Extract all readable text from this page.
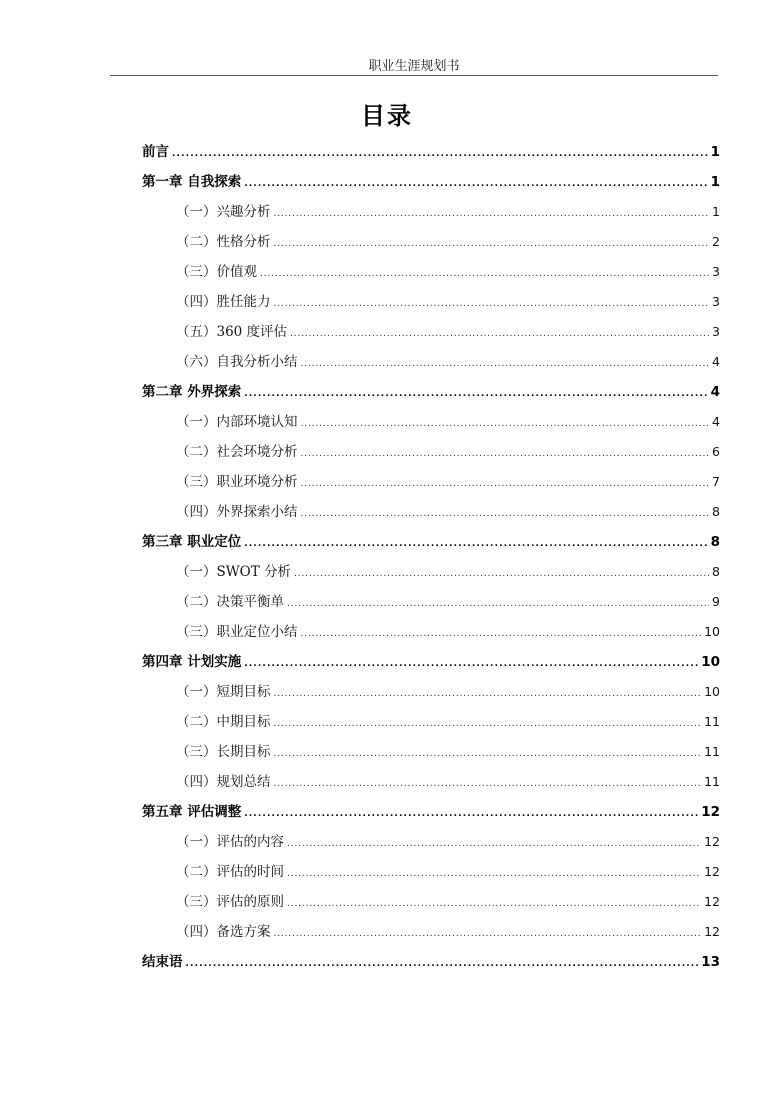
职业生涯规划书
目录
前言 . . .	1
第一章 自我探索 . . .	1
（一）兴趣分析 . . .	1
（二）性格分析 . . .	2
（三）价值观 . . .	3
（四）胜任能力 . . .	3
（五）360 度评估 . . .	3
（六）自我分析小结 . . .	4
第二章 外界探索 . . .	4
（一）内部环境认知 . . .	4
（二）社会环境分析 . . .	6
（三）职业环境分析 . . .	7
（四）外界探索小结 . . .	8
第三章 职业定位 . . .	8
（一）SWOT 分析 . . .	8
（二）决策平衡单 . . .	9
（三）职业定位小结 . . .	10
第四章 计划实施 . . .	10
（一）短期目标 . . .	10
（二）中期目标 . . .	11
（三）长期目标 . . .	11
（四）规划总结 . . .	11
第五章 评估调整 . . .	12
（一）评估的内容 . . .	12
（二）评估的时间 . . .	12
（三）评估的原则 . . .	12
（四）备选方案 . . .	12
结束语 . . .	13
